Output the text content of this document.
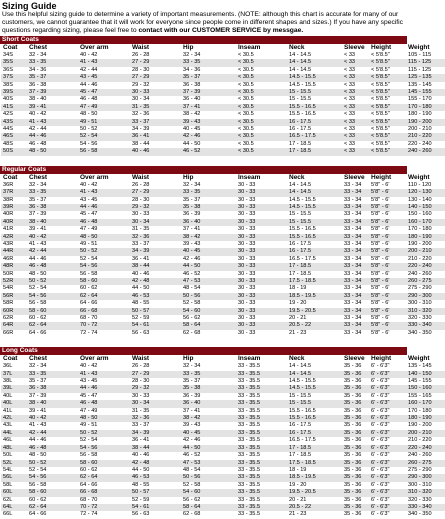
Sizing Guide
Use this helpful sizing guide to determine a variety of important measurements. (NOTE: although this chart is accurate for many of our customers, we cannot guarantee that it will work for everyone since people come in different shapes and sizes.) If you have any specific questions regarding sizing, please feel free to contact with our CUSTOMER SERVICE by messgae.
Short Coats
Coat	Chest	Over arm	Waist	Hip	Inseam	Neck	Sleeve	Height	Weight
34S	32 - 34	40 - 42	26 - 28	32 - 34	< 30.5	14 - 14.5	< 33	< 5'8.5"	105 - 115
35S	33 - 35	41 - 43	27 - 29	33 - 35	< 30.5	14 - 14.5	< 33	< 5'8.5"	115 - 125
36S	34 - 36	42 - 44	28 - 30	34 - 36	< 30.5	14 - 14.5	< 33	< 5'8.5"	115 - 125
37S	35 - 37	43 - 45	27 - 29	35 - 37	< 30.5	14.5 - 15.5	< 33	< 5'8.5"	125 - 135
38S	36 - 38	44 - 46	29 - 32	36 - 38	< 30.5	14.5 - 15.5	< 33	< 5'8.5"	135 - 145
39S	37 - 39	45 - 47	30 - 33	37 - 39	< 30.5	15 - 15.5	< 33	< 5'8.5"	145 - 155
40S	38 - 40	46 - 48	30 - 34	36 - 40	< 30.5	15 - 15.5	< 33	< 5'8.5"	155 - 170
41S	39 - 41	47 - 49	31 - 35	37 - 41	< 30.5	15.5 - 16.5	< 33	< 5'8.5"	170 - 180
42S	40 - 42	48 - 50	32 - 36	38 - 42	< 30.5	15.5 - 16.5	< 33	< 5'8.5"	180 - 190
43S	41 - 43	49 - 51	33 - 37	39 - 43	< 30.5	16 - 17.5	< 33	< 5'8.5"	190 - 200
44S	42 - 44	50 - 52	34 - 39	40 - 45	< 30.5	16 - 17.5	< 33	< 5'8.5"	200 - 210
46S	44 - 46	52 - 54	36 - 41	42 - 46	< 30.5	16.5 - 17.5	< 33	< 5'8.5"	210 - 220
48S	46 - 48	54 - 56	38 - 44	44 - 50	< 30.5	17 - 18.5	< 33	< 5'8.5"	220 - 240
50S	48 - 50	56 - 58	40 - 46	46 - 52	< 30.5	17 - 18.5	< 33	< 5'8.5"	240 - 260
Regular Coats
Coat	Chest	Over arm	Waist	Hip	Inseam	Neck	Sleeve	Height	Weight
36R	32 - 34	40 - 42	26 - 28	32 - 34	30 - 33	14 - 14.5	33 - 34	5'8" - 6'	110 - 120
37R	33 - 35	41 - 43	27 - 29	33 - 35	30 - 33	14 - 14.5	33 - 34	5'8" - 6'	120 - 130
38R	35 - 37	43 - 45	28 - 30	35 - 37	30 - 33	14.5 - 15.5	33 - 34	5'8" - 6'	130 - 140
39R	36 - 38	44 - 46	29 - 32	35 - 38	30 - 33	14.5 - 15.5	33 - 34	5'8" - 6'	140 - 150
40R	37 - 39	45 - 47	30 - 33	36 - 39	30 - 33	15 - 15.5	33 - 34	5'8" - 6'	150 - 160
40R	38 - 40	46 - 48	30 - 34	36 - 40	30 - 33	15 - 15.5	33 - 34	5'8" - 6'	160 - 170
41R	39 - 41	47 - 49	31 - 35	37 - 41	30 - 33	15.5 - 16.5	33 - 34	5'8" - 6'	170 - 180
42R	40 - 42	48 - 50	32 - 36	38 - 42	30 - 33	15.5 - 16.5	33 - 34	5'8" - 6'	180 - 190
43R	41 - 43	49 - 51	33 - 37	39 - 43	30 - 33	16 - 17.5	33 - 34	5'8" - 6'	190 - 200
44R	42 - 44	50 - 52	34 - 39	40 - 45	30 - 33	16 - 17.5	33 - 34	5'8" - 6'	200 - 210
46R	44 - 46	52 - 54	36 - 41	42 - 46	30 - 33	16.5 - 17.5	33 - 34	5'8" - 6'	210 - 220
48R	46 - 48	54 - 56	38 - 44	44 - 50	30 - 33	17 - 18.5	33 - 34	5'8" - 6'	220 - 240
50R	48 - 50	56 - 58	40 - 46	46 - 52	30 - 33	17 - 18.5	33 - 34	5'8" - 6'	240 - 260
52R	50 - 52	58 - 60	42 - 48	47 - 53	30 - 33	17.5 - 18.5	33 - 34	5'8" - 6'	260 - 275
54R	52 - 54	60 - 62	44 - 50	48 - 54	30 - 33	18 - 19	33 - 34	5'8" - 6'	275 - 290
56R	54 - 56	62 - 64	46 - 53	50 - 56	30 - 33	18.5 - 19.5	33 - 34	5'8" - 6'	290 - 300
58R	56 - 58	64 - 66	48 - 55	52 - 58	30 - 33	19 - 20	33 - 34	5'8" - 6'	300 - 310
60R	58 - 60	66 - 68	50 - 57	54 - 60	30 - 33	19.5 - 20.5	33 - 34	5'8" - 6'	310 - 320
62R	60 - 62	68 - 70	52 - 59	56 - 62	30 - 33	20 - 21	33 - 34	5'8" - 6'	320 - 330
64R	62 - 64	70 - 72	54 - 61	58 - 64	30 - 33	20.5 - 22	33 - 34	5'8" - 6'	330 - 340
66R	64 - 66	72 - 74	56 - 63	62 - 68	30 - 33	21 - 23	33 - 34	5'8" - 6'	340 - 350
Long Coats
Coat	Chest	Over arm	Waist	Hip	Inseam	Neck	Sleeve	Height	Weight
36L	32 - 34	40 - 42	26 - 28	32 - 34	33 - 35.5	14 - 14.5	35 - 36	6' - 6'3"	135 - 145
37L	33 - 35	41 - 43	27 - 29	33 - 35	33 - 35.5	14 - 14.5	35 - 36	6' - 6'3"	140 - 150
38L	35 - 37	43 - 45	28 - 30	35 - 37	33 - 35.5	14.5 - 15.5	35 - 36	6' - 6'3"	145 - 155
39L	36 - 38	44 - 46	29 - 32	35 - 38	33 - 35.5	14.5 - 15.5	35 - 36	6' - 6'3"	150 - 160
40L	37 - 39	45 - 47	30 - 33	36 - 39	33 - 35.5	15 - 15.5	35 - 36	6' - 6'3"	155 - 165
40L	38 - 40	46 - 48	30 - 34	36 - 40	33 - 35.5	15 - 15.5	35 - 36	6' - 6'3"	160 - 170
41L	39 - 41	47 - 49	31 - 35	37 - 41	33 - 35.5	15.5 - 16.5	35 - 36	6' - 6'3"	170 - 180
42L	40 - 42	48 - 50	32 - 36	38 - 42	33 - 35.5	15.5 - 16.5	35 - 36	6' - 6'3"	180 - 190
43L	41 - 43	49 - 51	33 - 37	39 - 43	33 - 35.5	16 - 17.5	35 - 36	6' - 6'3"	190 - 200
44L	42 - 44	50 - 52	34 - 39	40 - 45	33 - 35.5	16 - 17.5	35 - 36	6' - 6'3"	200 - 210
46L	44 - 46	52 - 54	36 - 41	42 - 46	33 - 35.5	16.5 - 17.5	35 - 36	6' - 6'3"	210 - 220
48L	46 - 48	54 - 56	38 - 44	44 - 50	33 - 35.5	17 - 18.5	35 - 36	6' - 6'3"	220 - 240
50L	48 - 50	56 - 58	40 - 46	46 - 52	33 - 35.5	17 - 18.5	35 - 36	6' - 6'3"	240 - 260
52L	50 - 52	58 - 60	42 - 48	47 - 53	33 - 35.5	17.5 - 18.5	35 - 36	6' - 6'3"	260 - 275
54L	52 - 54	60 - 62	44 - 50	48 - 54	33 - 35.5	18 - 19	35 - 36	6' - 6'3"	275 - 290
56L	54 - 56	62 - 64	46 - 53	50 - 56	33 - 35.5	18.5 - 19.5	35 - 36	6' - 6'3"	290 - 300
58L	56 - 58	64 - 66	48 - 55	52 - 58	33 - 35.5	19 - 20	35 - 36	6' - 6'3"	300 - 310
60L	58 - 60	66 - 68	50 - 57	54 - 60	33 - 35.5	19.5 - 20.5	35 - 36	6' - 6'3"	310 - 320
62L	60 - 62	68 - 70	52 - 59	56 - 62	33 - 35.5	20 - 21	35 - 36	6' - 6'3"	320 - 330
64L	62 - 64	70 - 72	54 - 61	58 - 64	33 - 35.5	20.5 - 22	35 - 36	6' - 6'3"	330 - 340
66L	64 - 66	72 - 74	56 - 63	62 - 68	33 - 35.5	21 - 23	35 - 36	6' - 6'3"	340 - 350
